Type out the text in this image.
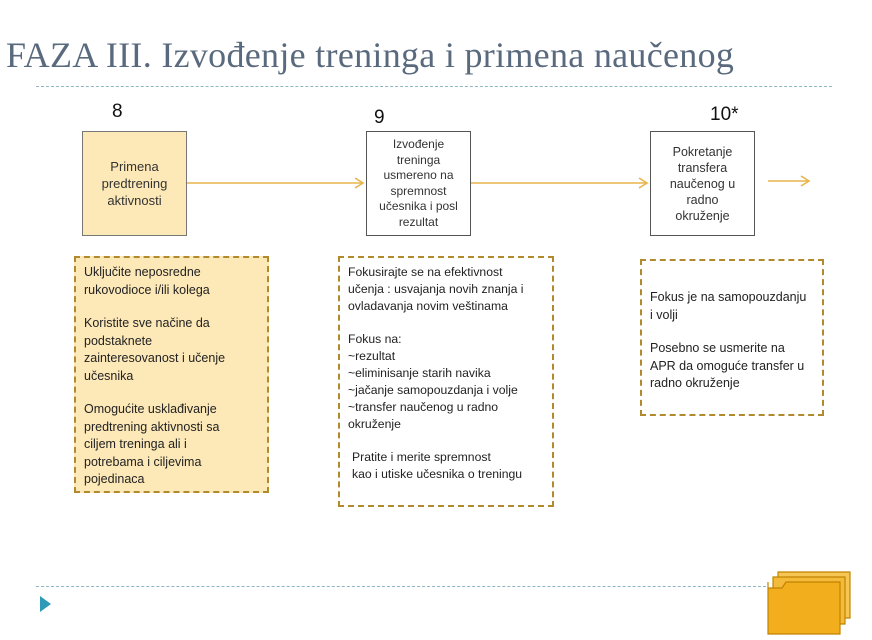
FAZA III. Izvođenje treninga i primena naučenog
8	9	10*
Primena
predtrening
aktivnosti
Izvođenje
treninga
usmereno na
spremnost
učesnika i posl
rezultat
Pokretanje
transfera
naučenog u
radno
okruženje

Uključite neposredne
rukovodioce i/ili kolega

Koristite sve načine da
podstaknete
zainteresovanost i učenje
učesnika

Omogućite usklađivanje
predtrening aktivnosti sa
ciljem treninga ali i
potrebama i ciljevima
pojedinaca

Fokusirajte se na efektivnost
učenja : usvajanja novih znanja i
ovladavanja novim veštinama

Fokus na:
~rezultat
~eliminisanje starih navika
~jačanje samopouzdanja i volje
~transfer naučenog u radno
okruženje

Pratite i merite spremnost
kao i utiske učesnika o treningu

Fokus je na samopouzdanju
i volji

Posebno se usmerite na
APR da omoguće transfer u
radno okruženje
